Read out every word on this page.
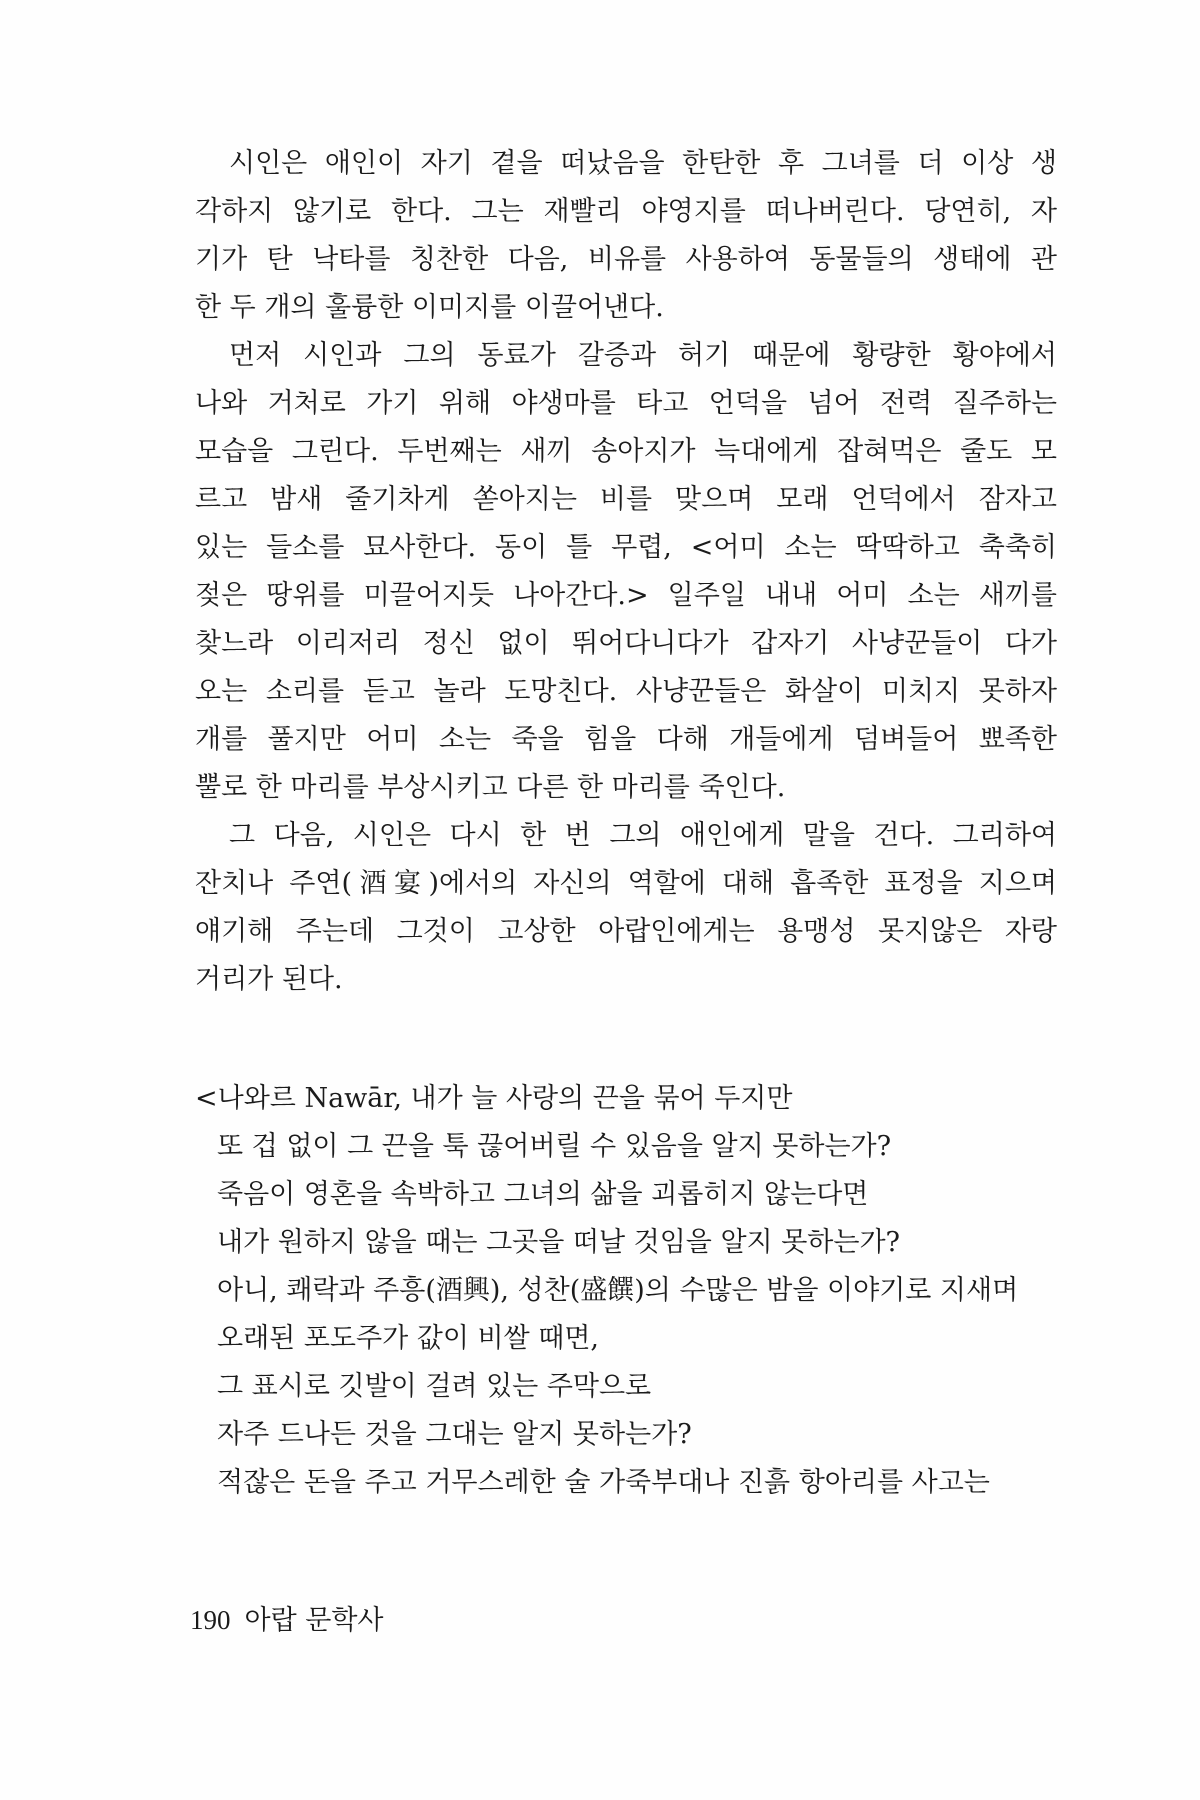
시인은 애인이 자기 곁을 떠났음을 한탄한 후 그녀를 더 이상 생
각하지 않기로 한다. 그는 재빨리 야영지를 떠나버린다. 당연히, 자
기가 탄 낙타를 칭찬한 다음, 비유를 사용하여 동물들의 생태에 관
한 두 개의 훌륭한 이미지를 이끌어낸다.
먼저 시인과 그의 동료가 갈증과 허기 때문에 황량한 황야에서
나와 거처로 가기 위해 야생마를 타고 언덕을 넘어 전력 질주하는
모습을 그린다. 두번째는 새끼 송아지가 늑대에게 잡혀먹은 줄도 모
르고 밤새 줄기차게 쏟아지는 비를 맞으며 모래 언덕에서 잠자고
있는 들소를 묘사한다. 동이 틀 무렵, <어미 소는 딱딱하고 축축히
젖은 땅위를 미끌어지듯 나아간다.> 일주일 내내 어미 소는 새끼를
찾느라 이리저리 정신 없이 뛰어다니다가 갑자기 사냥꾼들이 다가
오는 소리를 듣고 놀라 도망친다. 사냥꾼들은 화살이 미치지 못하자
개를 풀지만 어미 소는 죽을 힘을 다해 개들에게 덤벼들어 뾰족한
뿔로 한 마리를 부상시키고 다른 한 마리를 죽인다.
그 다음, 시인은 다시 한 번 그의 애인에게 말을 건다. 그리하여
잔치나 주연(酒宴)에서의 자신의 역할에 대해 흡족한 표정을 지으며
얘기해 주는데 그것이 고상한 아랍인에게는 용맹성 못지않은 자랑
거리가 된다.
<나와르 Nawār, 내가 늘 사랑의 끈을 묶어 두지만
또 겁 없이 그 끈을 툭 끊어버릴 수 있음을 알지 못하는가?
죽음이 영혼을 속박하고 그녀의 삶을 괴롭히지 않는다면
내가 원하지 않을 때는 그곳을 떠날 것임을 알지 못하는가?
아니, 쾌락과 주흥(酒興), 성찬(盛饌)의 수많은 밤을 이야기로 지새며
오래된 포도주가 값이 비쌀 때면,
그 표시로 깃발이 걸려 있는 주막으로
자주 드나든 것을 그대는 알지 못하는가?
적잖은 돈을 주고 거무스레한 술 가죽부대나 진흙 항아리를 사고는
190 아랍 문학사
